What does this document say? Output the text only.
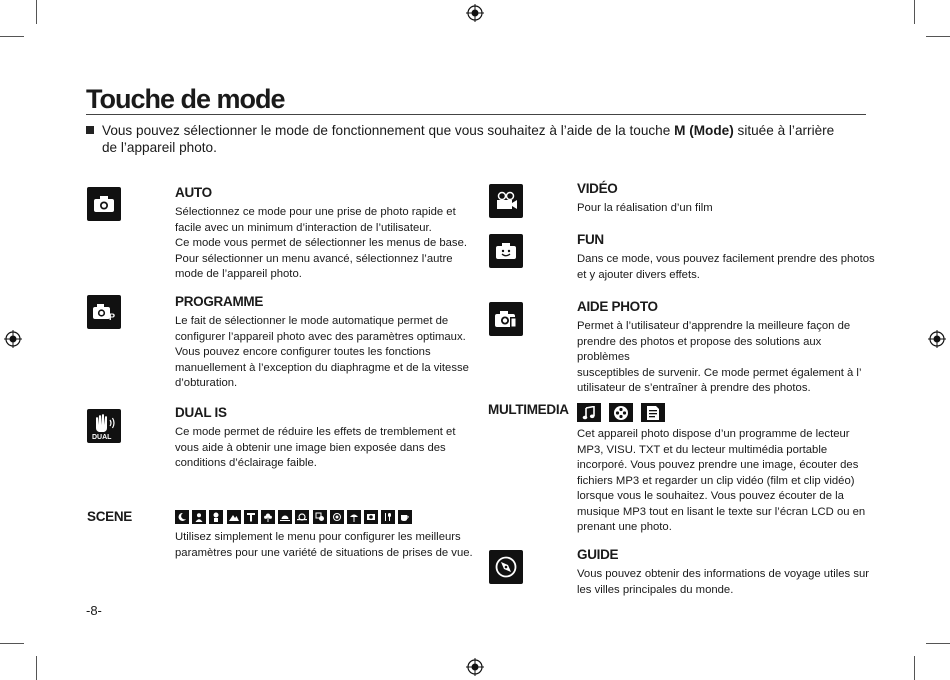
Touche de mode
Vous pouvez sélectionner le mode de fonctionnement que vous souhaitez à l’aide de la touche M (Mode) située à l’arrière de l’appareil photo.
AUTO
Sélectionnez ce mode pour une prise de photo rapide et
facile avec un minimum d’interaction de l’utilisateur.
Ce mode vous permet de sélectionner les menus de base.
Pour sélectionner un menu avancé, sélectionnez l’autre
mode de l’appareil photo.
P
PROGRAMME
Le fait de sélectionner le mode automatique permet de
configurer l’appareil photo avec des paramètres optimaux.
Vous pouvez encore configurer toutes les fonctions
manuellement à l’exception du diaphragme et de la vitesse
d’obturation.
DUAL
DUAL IS
Ce mode permet de réduire les effets de tremblement et
vous aide à obtenir une image bien exposée dans des
conditions d’éclairage faible.
SCENE
Utilisez simplement le menu pour configurer les meilleurs
paramètres pour une variété de situations de prises de vue.
VIDÉO
Pour la réalisation d’un film
FUN
Dans ce mode, vous pouvez facilement prendre des photos
et y ajouter divers effets.
AIDE PHOTO
Permet à l’utilisateur d’apprendre la meilleure façon de
prendre des photos et propose des solutions aux problèmes
susceptibles de survenir. Ce mode permet également à l’
utilisateur de s’entraîner à prendre des photos.
MULTIMEDIA
Cet appareil photo dispose d’un programme de lecteur
MP3, VISU. TXT et du lecteur multimédia portable
incorporé. Vous pouvez prendre une image, écouter des
fichiers MP3 et regarder un clip vidéo (film et clip vidéo)
lorsque vous le souhaitez. Vous pouvez écouter de la
musique MP3 tout en lisant le texte sur l’écran LCD ou en
prenant une photo.
GUIDE
Vous pouvez obtenir des informations de voyage utiles sur
les villes principales du monde.
-8-
